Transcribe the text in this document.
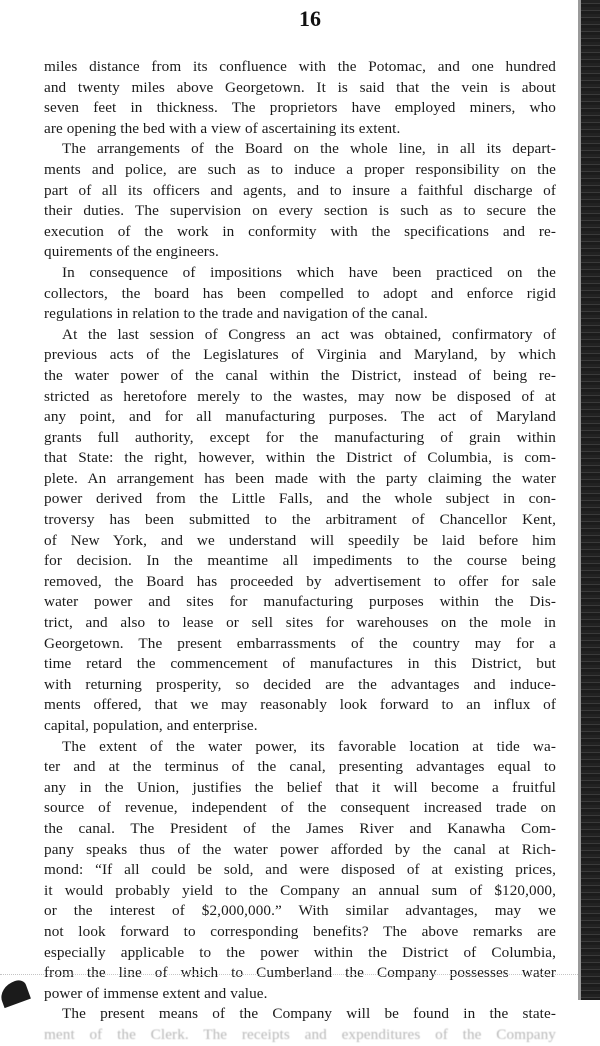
16
miles distance from its confluence with the Potomac, and one hundred
and twenty miles above Georgetown. It is said that the vein is about
seven feet in thickness. The proprietors have employed miners, who
are opening the bed with a view of ascertaining its extent.
The arrangements of the Board on the whole line, in all its depart-
ments and police, are such as to induce a proper responsibility on the
part of all its officers and agents, and to insure a faithful discharge of
their duties. The supervision on every section is such as to secure the
execution of the work in conformity with the specifications and re-
quirements of the engineers.
In consequence of impositions which have been practiced on the
collectors, the board has been compelled to adopt and enforce rigid
regulations in relation to the trade and navigation of the canal.
At the last session of Congress an act was obtained, confirmatory of
previous acts of the Legislatures of Virginia and Maryland, by which
the water power of the canal within the District, instead of being re-
stricted as heretofore merely to the wastes, may now be disposed of at
any point, and for all manufacturing purposes. The act of Maryland
grants full authority, except for the manufacturing of grain within
that State: the right, however, within the District of Columbia, is com-
plete. An arrangement has been made with the party claiming the water
power derived from the Little Falls, and the whole subject in con-
troversy has been submitted to the arbitrament of Chancellor Kent,
of New York, and we understand will speedily be laid before him
for decision. In the meantime all impediments to the course being
removed, the Board has proceeded by advertisement to offer for sale
water power and sites for manufacturing purposes within the Dis-
trict, and also to lease or sell sites for warehouses on the mole in
Georgetown. The present embarrassments of the country may for a
time retard the commencement of manufactures in this District, but
with returning prosperity, so decided are the advantages and induce-
ments offered, that we may reasonably look forward to an influx of
capital, population, and enterprise.
The extent of the water power, its favorable location at tide wa-
ter and at the terminus of the canal, presenting advantages equal to
any in the Union, justifies the belief that it will become a fruitful
source of revenue, independent of the consequent increased trade on
the canal. The President of the James River and Kanawha Com-
pany speaks thus of the water power afforded by the canal at Rich-
mond: “If all could be sold, and were disposed of at existing prices,
it would probably yield to the Company an annual sum of $120,000,
or the interest of $2,000,000.” With similar advantages, may we
not look forward to corresponding benefits? The above remarks are
especially applicable to the power within the District of Columbia,
from the line of which to Cumberland the Company possesses water
power of immense extent and value.
The present means of the Company will be found in the state-
ment of the Clerk. The receipts and expenditures of the Company
